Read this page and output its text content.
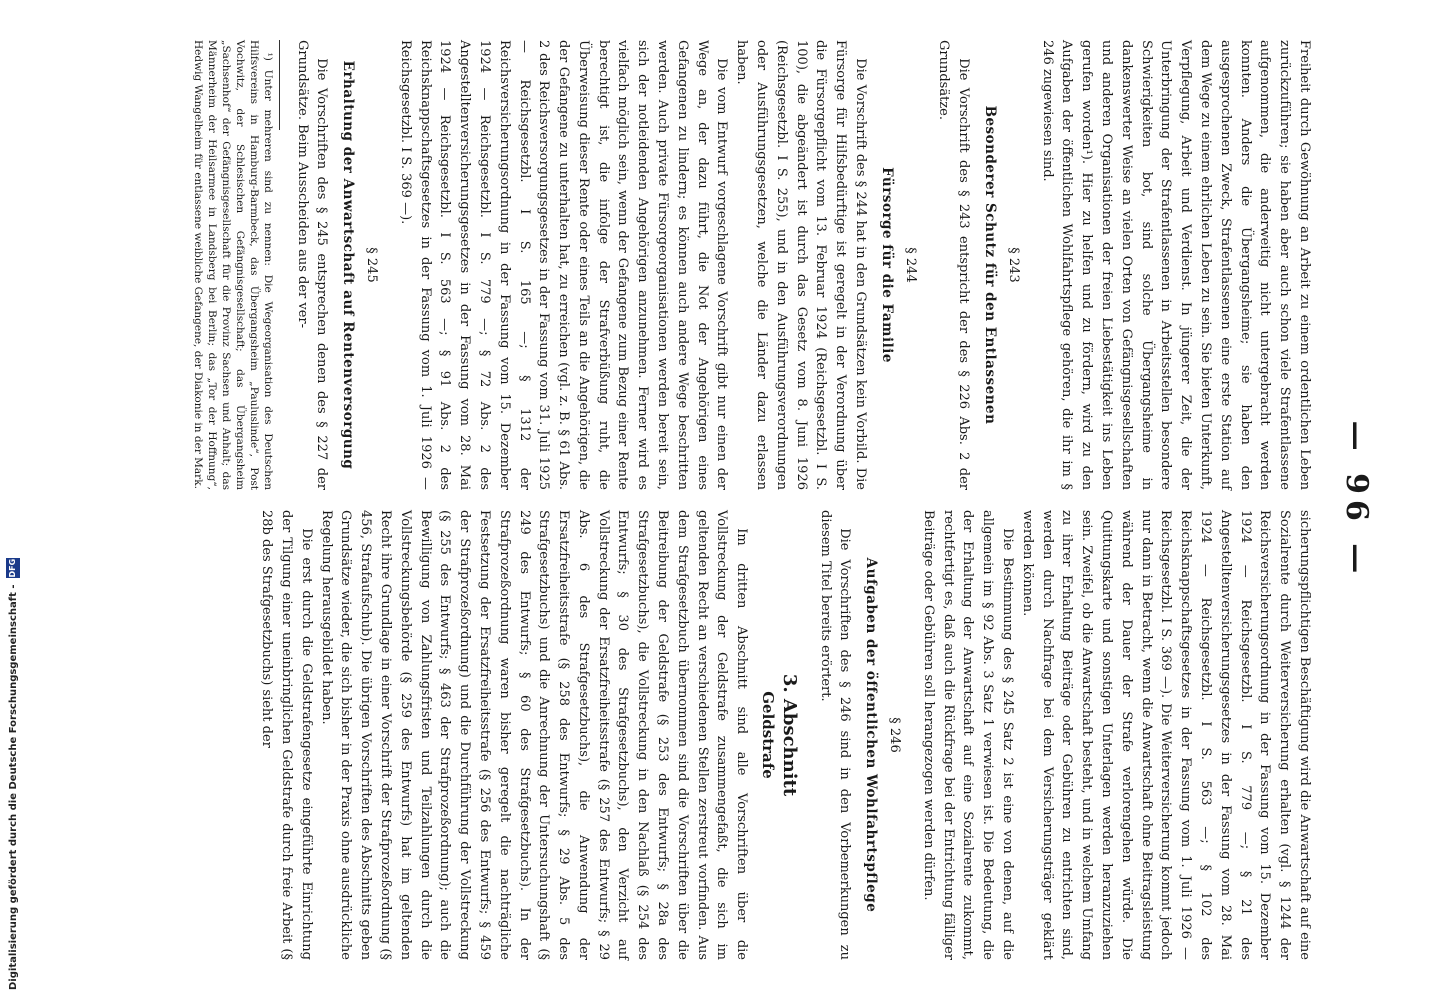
Digitalisierung gefördert durch die Deutsche Forschungsgemeinschaft -
DFG	— 96 —

Freiheit durch Gewöhnung an Arbeit zu einem ordentlichen Leben zurückzuführen; sie haben aber auch schon viele Strafentlassene aufgenommen, die anderweitig nicht untergebracht werden konnten. Anders die Übergangsheime; sie haben den ausgesprochenen Zweck, Strafentlassenen eine erste Station auf dem Wege zu einem ehrlichen Leben zu sein. Sie bieten Unterkunft, Verpflegung, Arbeit und Verdienst. In jüngerer Zeit, die der Unterbringung der Strafentlassenen in Arbeitsstellen besondere Schwierigkeiten bot, sind solche Übergangsheime in dankenswerter Weise an vielen Orten von Gefängnisgesellschaften und anderen Organisationen der freien Liebestätigkeit ins Leben gerufen worden¹). Hier zu helfen und zu fördern, wird zu den Aufgaben der öffentlichen Wohlfahrtspflege gehören, die ihr im § 246 zugewiesen sind.

§ 243
Besonderer Schutz für den Entlassenen

Die Vorschrift des § 243 entspricht der des § 226 Abs. 2 der Grundsätze.

§ 244
Fürsorge für die Familie

Die Vorschrift des § 244 hat in den Grundsätzen kein Vorbild. Die Fürsorge für Hilfsbedürftige ist geregelt in der Verordnung über die Fürsorgepflicht vom 13. Februar 1924 (Reichsgesetzbl. I S. 100), die abgeändert ist durch das Gesetz vom 8. Juni 1926 (Reichsgesetzbl. I S. 255), und in den Ausführungsverordnungen oder Ausführungsgesetzen, welche die Länder dazu erlassen haben.

Die vom Entwurf vorgeschlagene Vorschrift gibt nur einen der Wege an, der dazu führt, die Not der Angehörigen eines Gefangenen zu lindern; es können auch andere Wege beschritten werden. Auch private Fürsorgeorganisationen werden bereit sein, sich der notleidenden Angehörigen anzunehmen. Ferner wird es vielfach möglich sein, wenn der Gefangene zum Bezug einer Rente berechtigt ist, die infolge der Strafverbüßung ruht, die Überweisung dieser Rente oder eines Teils an die Angehörigen, die der Gefangene zu unterhalten hat, zu erreichen (vgl. z. B. § 61 Abs. 2 des Reichsversorgungsgesetzes in der Fassung vom 31. Juli 1925 — Reichsgesetzbl. I S. 165 —; § 1312 der Reichsversicherungsordnung in der Fassung vom 15. Dezember 1924 — Reichsgesetzbl. I S. 779 —; § 72 Abs. 2 des Angestelltenversicherungsgesetzes in der Fassung vom 28. Mai 1924 — Reichsgesetzbl. I S. 563 —; § 91 Abs. 2 des Reichsknappschaftsgesetzes in der Fassung vom 1. Juli 1926 — Reichsgesetzbl. I S. 369 —).

§ 245
Erhaltung der Anwartschaft auf Rentenversorgung

Die Vorschriften des § 245 entsprechen denen des § 227 der Grundsätze. Beim Ausscheiden aus der ver-

¹) Unter mehreren sind zu nennen: Die Wegeorganisation des Deutschen Hilfsvereins in Hamburg-Barmbeck, das Übergangsheim „Pauluslinde“, Post Vochwitz, der Schlesischen Gefängnisgesellschaft; das Übergangsheim „Sachsenhof“ der Gefängnisgesellschaft für die Provinz Sachsen und Anhalt; das Männerheim der Heilsarmee in Landsberg bei Berlin; das „Tor der Hoffnung“, Hedwig Wangelheim für entlassene weibliche Gefangene, der Diakonie in der Mark.

sicherungspflichtigen Beschäftigung wird die Anwartschaft auf eine Sozialrente durch Weiterversicherung erhalten (vgl. § 1244 der Reichsversicherungsordnung in der Fassung vom 15. Dezember 1924 — Reichsgesetzbl. I S. 779 —; § 21 des Angestelltenversicherungsgesetzes in der Fassung vom 28. Mai 1924 — Reichsgesetzbl. I S. 563 —; § 102 des Reichsknappschaftsgesetzes in der Fassung vom 1. Juli 1926 — Reichsgesetzbl. I S. 369 —). Die Weiterversicherung kommt jedoch nur dann in Betracht, wenn die Anwartschaft ohne Beitragsleistung während der Dauer der Strafe verlorengehen würde. Die Quittungskarte und sonstigen Unterlagen werden heranzuziehen sein. Zweifel, ob die Anwartschaft besteht, und in welchem Umfang zu ihrer Erhaltung Beiträge oder Gebühren zu entrichten sind, werden durch Nachfrage bei dem Versicherungsträger geklärt werden können.

Die Bestimmung des § 245 Satz 2 ist eine von denen, auf die allgemein im § 92 Abs. 3 Satz 1 verwiesen ist. Die Bedeutung, die der Erhaltung der Anwartschaft auf eine Sozialrente zukommt, rechtfertigt es, daß auch die Rückfrage bei der Entrichtung fälliger Beiträge oder Gebühren soll herangezogen werden dürfen.

§ 246
Aufgaben der öffentlichen Wohlfahrtspflege

Die Vorschriften des § 246 sind in den Vorbemerkungen zu diesem Titel bereits erörtert.

3. Abschnitt
Geldstrafe

Im dritten Abschnitt sind alle Vorschriften über die Vollstreckung der Geldstrafe zusammengefaßt, die sich im geltenden Recht an verschiedenen Stellen zerstreut vorfinden. Aus dem Strafgesetzbuch übernommen sind die Vorschriften über die Beitreibung der Geldstrafe (§ 253 des Entwurfs; § 28a des Strafgesetzbuchs), die Vollstreckung in den Nachlaß (§ 254 des Entwurfs; § 30 des Strafgesetzbuchs), den Verzicht auf Vollstreckung der Ersatzfreiheitsstrafe (§ 257 des Entwurfs; § 29 Abs. 6 des Strafgesetzbuchs), die Anwendung der Ersatzfreiheitsstrafe (§ 258 des Entwurfs; § 29 Abs. 5 des Strafgesetzbuchs) und die Anrechnung der Untersuchungshaft (§ 249 des Entwurfs; § 60 des Strafgesetzbuchs). In der Strafprozeßordnung waren bisher geregelt die nachträgliche Festsetzung der Ersatzfreiheitsstrafe (§ 256 des Entwurfs; § 459 der Strafprozeßordnung) und die Durchführung der Vollstreckung (§ 255 des Entwurfs; § 463 der Strafprozeßordnung); auch die Bewilligung von Zahlungsfristen und Teilzahlungen durch die Vollstreckungsbehörde (§ 259 des Entwurfs) hat im geltenden Recht ihre Grundlage in einer Vorschrift der Strafprozeßordnung (§ 456, Strafaufschub). Die übrigen Vorschriften des Abschnitts geben Grundsätze wieder, die sich bisher in der Praxis ohne ausdrückliche Regelung herausgebildet haben.

Die erst durch die Geldstrafengesetze eingeführte Einrichtung der Tilgung einer uneinbringlichen Geldstrafe durch freie Arbeit (§ 28b des Strafgesetzbuchs) sieht der
